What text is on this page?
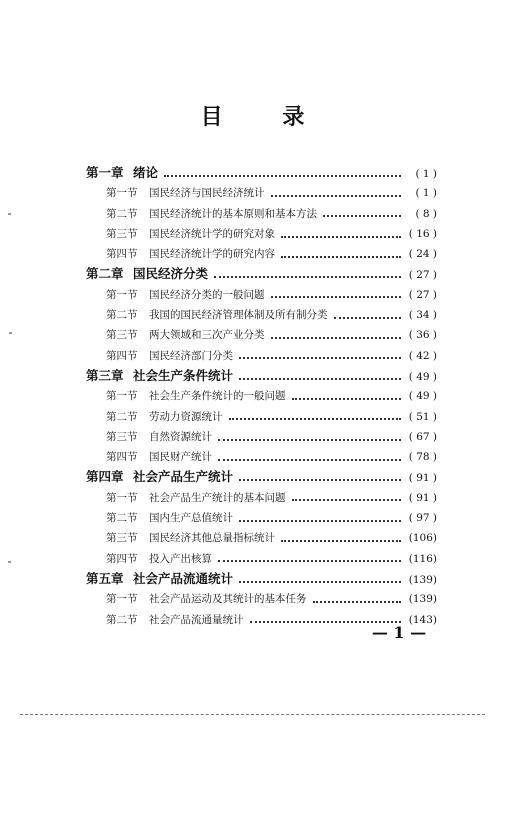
目 录
第一章 绪论	( 1 )
第一节	国民经济与国民经济统计	( 1 )
第二节	国民经济统计的基本原则和基本方法	( 8 )
第三节	国民经济统计学的研究对象	( 16 )
第四节	国民经济统计学的研究内容	( 24 )
第二章 国民经济分类	( 27 )
第一节	国民经济分类的一般问题	( 27 )
第二节	我国的国民经济管理体制及所有制分类	( 34 )
第三节	两大领域和三次产业分类	( 36 )
第四节	国民经济部门分类	( 42 )
第三章 社会生产条件统计	( 49 )
第一节	社会生产条件统计的一般问题	( 49 )
第二节	劳动力资源统计	( 51 )
第三节	自然资源统计	( 67 )
第四节	国民财产统计	( 78 )
第四章 社会产品生产统计	( 91 )
第一节	社会产品生产统计的基本问题	( 91 )
第二节	国内生产总值统计	( 97 )
第三节	国民经济其他总量指标统计	(106)
第四节	投入产出核算	(116)
第五章 社会产品流通统计	(139)
第一节	社会产品运动及其统计的基本任务	(139)
第二节	社会产品流通量统计	(143)
— 1 —
